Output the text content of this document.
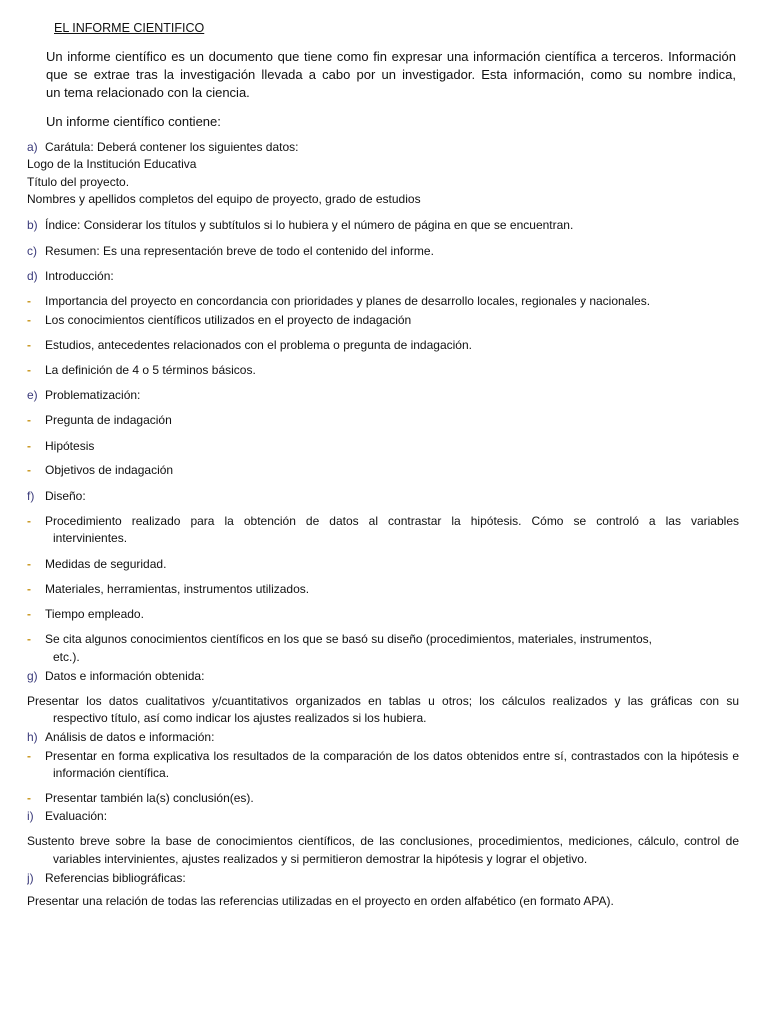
EL INFORME CIENTIFICO
Un informe científico es un documento que tiene como fin expresar una información científica a terceros. Información
que se extrae tras la investigación llevada a cabo por un investigador. Esta información, como su nombre indica,
un tema relacionado con la ciencia.
Un informe científico contiene:
a) Carátula: Deberá contener los siguientes datos:
Logo de la Institución Educativa
Título del proyecto.
Nombres y apellidos completos del equipo de proyecto, grado de estudios
b) Índice: Considerar los títulos y subtítulos si lo hubiera y el número de página en que se encuentran.
c) Resumen: Es una representación breve de todo el contenido del informe.
d) Introducción:
- Importancia del proyecto en concordancia con prioridades y planes de desarrollo locales, regionales y nacionales.
- Los conocimientos científicos utilizados en el proyecto de indagación
- Estudios, antecedentes relacionados con el problema o pregunta de indagación.
- La definición de 4 o 5 términos básicos.
e) Problematización:
- Pregunta de indagación
- Hipótesis
- Objetivos de indagación
f) Diseño:
- Procedimiento realizado para la obtención de datos al contrastar la hipótesis. Cómo se controló a las variables
intervinientes.
- Medidas de seguridad.
- Materiales, herramientas, instrumentos utilizados.
- Tiempo empleado.
- Se cita algunos conocimientos científicos en los que se basó su diseño (procedimientos, materiales, instrumentos,
etc.).
g) Datos e información obtenida:
Presentar los datos cualitativos y/cuantitativos organizados en tablas u otros; los cálculos realizados y las gráficas con su
respectivo título, así como indicar los ajustes realizados si los hubiera.
h) Análisis de datos e información:
- Presentar en forma explicativa los resultados de la comparación de los datos obtenidos entre sí, contrastados con la hipótesis e
información científica.
- Presentar también la(s) conclusión(es).
i) Evaluación:
Sustento breve sobre la base de conocimientos científicos, de las conclusiones, procedimientos, mediciones, cálculo, control de
variables intervinientes, ajustes realizados y si permitieron demostrar la hipótesis y lograr el objetivo.
j) Referencias bibliográficas:
Presentar una relación de todas las referencias utilizadas en el proyecto en orden alfabético (en formato APA).
